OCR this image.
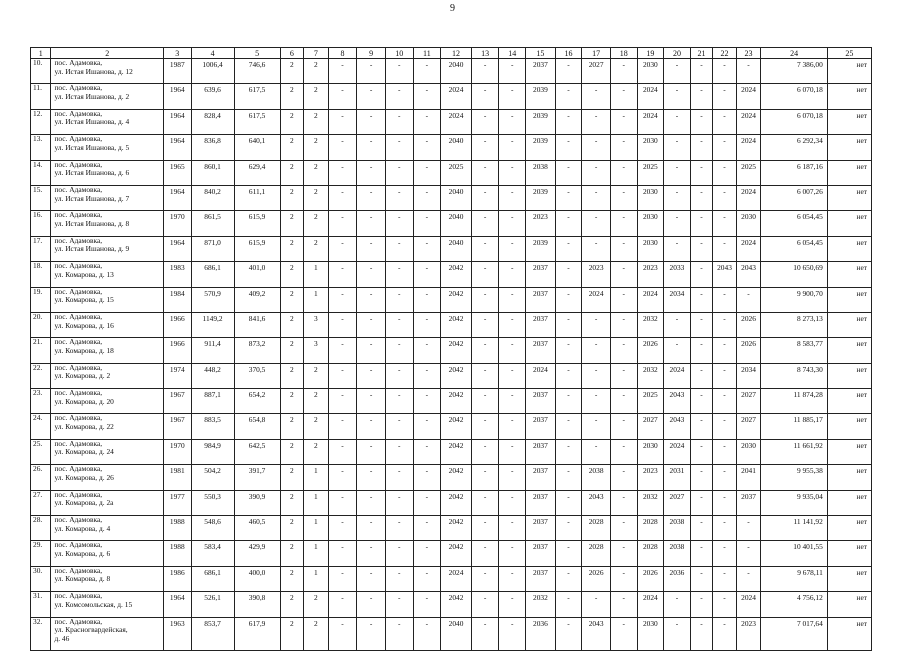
9
1	2	3	4	5	6	7	8	9	10	11	12	13	14	15	16	17	18	19	20	21	22	23	24	25
10.	пос. Адамовка,
ул. Истая Ишанова, д. 12	1987	1006,4	746,6	2	2	-	-	-	-	2040	-	-	2037	-	2027	-	2030	-	-	-	-	7 386,00	нет
11.	пос. Адамовка,
ул. Истая Ишанова, д. 2	1964	639,6	617,5	2	2	-	-	-	-	2024	-	-	2039	-	-	-	2024	-	-	-	2024	6 070,18	нет
12.	пос. Адамовка,
ул. Истая Ишанова, д. 4	1964	828,4	617,5	2	2	-	-	-	-	2024	-	-	2039	-	-	-	2024	-	-	-	2024	6 070,18	нет
13.	пос. Адамовка,
ул. Истая Ишанова, д. 5	1964	836,8	640,1	2	2	-	-	-	-	2040	-	-	2039	-	-	-	2030	-	-	-	2024	6 292,34	нет
14.	пос. Адамовка,
ул. Истая Ишанова, д. 6	1965	860,1	629,4	2	2	-	-	-	-	2025	-	-	2038	-	-	-	2025	-	-	-	2025	6 187,16	нет
15.	пос. Адамовка,
ул. Истая Ишанова, д. 7	1964	840,2	611,1	2	2	-	-	-	-	2040	-	-	2039	-	-	-	2030	-	-	-	2024	6 007,26	нет
16.	пос. Адамовка,
ул. Истая Ишанова, д. 8	1970	861,5	615,9	2	2	-	-	-	-	2040	-	-	2023	-	-	-	2030	-	-	-	2030	6 054,45	нет
17.	пос. Адамовка,
ул. Истая Ишанова, д. 9	1964	871,0	615,9	2	2	-	-	-	-	2040	-	-	2039	-	-	-	2030	-	-	-	2024	6 054,45	нет
18.	пос. Адамовка,
ул. Комарова, д. 13	1983	686,1	401,0	2	1	-	-	-	-	2042	-	-	2037	-	2023	-	2023	2033	-	2043	2043	10 650,69	нет
19.	пос. Адамовка,
ул. Комарова, д. 15	1984	570,9	409,2	2	1	-	-	-	-	2042	-	-	2037	-	2024	-	2024	2034	-	-	-	9 900,70	нет
20.	пос. Адамовка,
ул. Комарова, д. 16	1966	1149,2	841,6	2	3	-	-	-	-	2042	-	-	2037	-	-	-	2032	-	-	-	2026	8 273,13	нет
21.	пос. Адамовка,
ул. Комарова, д. 18	1966	911,4	873,2	2	3	-	-	-	-	2042	-	-	2037	-	-	-	2026	-	-	-	2026	8 583,77	нет
22.	пос. Адамовка,
ул. Комарова, д. 2	1974	448,2	370,5	2	2	-	-	-	-	2042	-	-	2024	-	-	-	2032	2024	-	-	2034	8 743,30	нет
23.	пос. Адамовка,
ул. Комарова, д. 20	1967	887,1	654,2	2	2	-	-	-	-	2042	-	-	2037	-	-	-	2025	2043	-	-	2027	11 874,28	нет
24.	пос. Адамовка,
ул. Комарова, д. 22	1967	883,5	654,8	2	2	-	-	-	-	2042	-	-	2037	-	-	-	2027	2043	-	-	2027	11 885,17	нет
25.	пос. Адамовка,
ул. Комарова, д. 24	1970	984,9	642,5	2	2	-	-	-	-	2042	-	-	2037	-	-	-	2030	2024	-	-	2030	11 661,92	нет
26.	пос. Адамовка,
ул. Комарова, д. 26	1981	504,2	391,7	2	1	-	-	-	-	2042	-	-	2037	-	2038	-	2023	2031	-	-	2041	9 955,38	нет
27.	пос. Адамовка,
ул. Комарова, д. 2а	1977	550,3	390,9	2	1	-	-	-	-	2042	-	-	2037	-	2043	-	2032	2027	-	-	2037	9 935,04	нет
28.	пос. Адамовка,
ул. Комарова, д. 4	1988	548,6	460,5	2	1	-	-	-	-	2042	-	-	2037	-	2028	-	2028	2038	-	-	-	11 141,92	нет
29.	пос. Адамовка,
ул. Комарова, д. 6	1988	583,4	429,9	2	1	-	-	-	-	2042	-	-	2037	-	2028	-	2028	2038	-	-	-	10 401,55	нет
30.	пос. Адамовка,
ул. Комарова, д. 8	1986	686,1	400,0	2	1	-	-	-	-	2024	-	-	2037	-	2026	-	2026	2036	-	-	-	9 678,11	нет
31.	пос. Адамовка,
ул. Комсомольская, д. 15	1964	526,1	390,8	2	2	-	-	-	-	2042	-	-	2032	-	-	-	2024	-	-	-	2024	4 756,12	нет
32.	пос. Адамовка,
ул. Красногвардейская,
д. 46	1963	853,7	617,9	2	2	-	-	-	-	2040	-	-	2036	-	2043	-	2030	-	-	-	2023	7 017,64	нет
